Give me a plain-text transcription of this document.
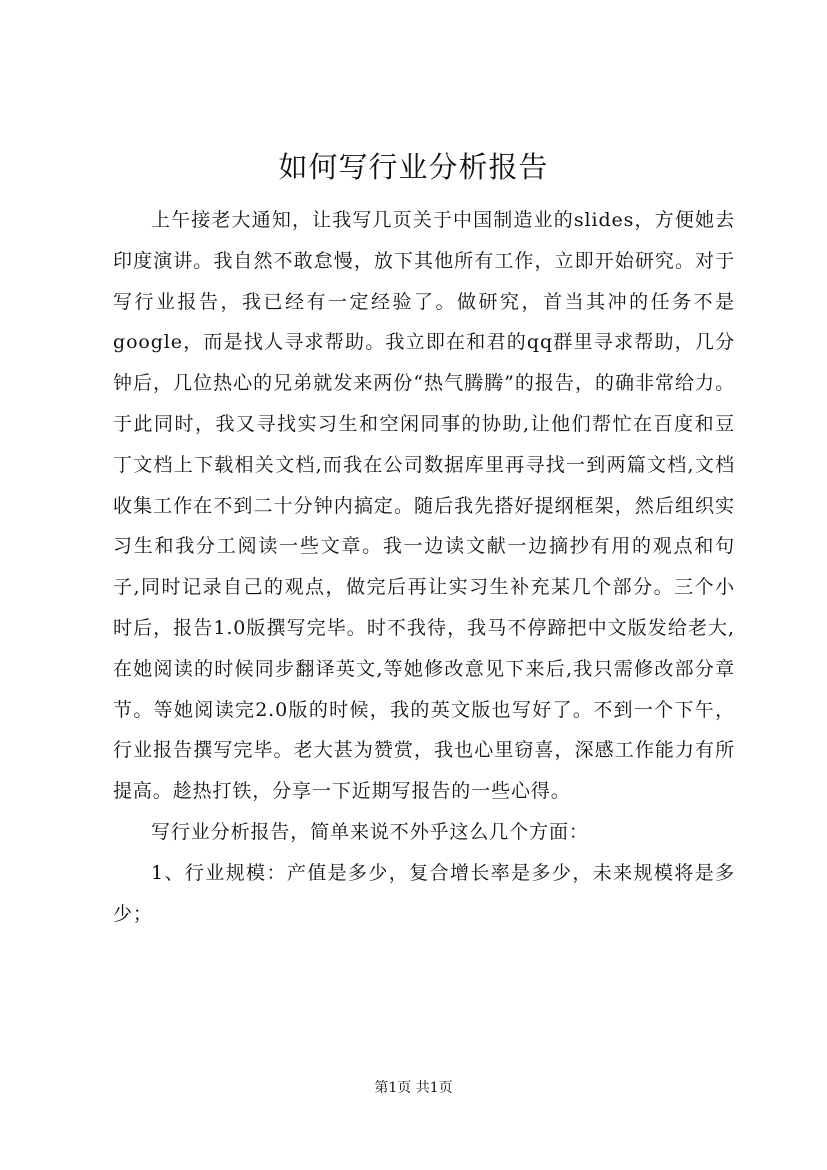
如何写行业分析报告

上午接老大通知，让我写几页关于中国制造业的slides，方便她去印度演讲。我自然不敢怠慢，放下其他所有工作，立即开始研究。对于写行业报告，我已经有一定经验了。做研究，首当其冲的任务不是google，而是找人寻求帮助。我立即在和君的qq群里寻求帮助，几分钟后，几位热心的兄弟就发来两份“热气腾腾”的报告，的确非常给力。于此同时，我又寻找实习生和空闲同事的协助,让他们帮忙在百度和豆丁文档上下载相关文档,而我在公司数据库里再寻找一到两篇文档,文档收集工作在不到二十分钟内搞定。随后我先搭好提纲框架，然后组织实习生和我分工阅读一些文章。我一边读文献一边摘抄有用的观点和句子,同时记录自己的观点，做完后再让实习生补充某几个部分。三个小时后，报告1.0版撰写完毕。时不我待，我马不停蹄把中文版发给老大,在她阅读的时候同步翻译英文,等她修改意见下来后,我只需修改部分章节。等她阅读完2.0版的时候，我的英文版也写好了。不到一个下午，行业报告撰写完毕。老大甚为赞赏，我也心里窃喜，深感工作能力有所提高。趁热打铁，分享一下近期写报告的一些心得。

写行业分析报告，简单来说不外乎这么几个方面：

1、行业规模：产值是多少，复合增长率是多少，未来规模将是多少；

第1页 共1页
